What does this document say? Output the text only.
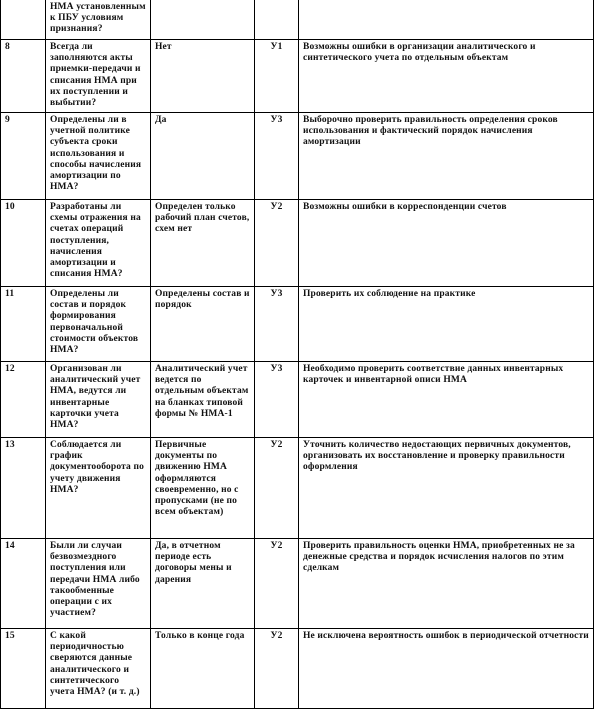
	НМА установленным к ПБУ условиям признания?			
8	Всегда ли заполняются акты приемки-передачи и списания НМА при их поступлении и выбытии?	Нет	У1	Возможны ошибки в организации аналитического и синтетического учета по отдельным объектам
9	Определены ли в учетной политике субъекта сроки использования и способы начисления амортизации по НМА?	Да	У3	Выборочно проверить правильность определения сроков использования и фактический порядок начисления амортизации
10	Разработаны ли схемы отражения на счетах операций поступления, начисления амортизации и списания НМА?	Определен только рабочий план счетов, схем нет	У2	Возможны ошибки в корреспонденции счетов
11	Определены ли состав и порядок формирования первоначальной стоимости объектов НМА?	Определены состав и порядок	У3	Проверить их соблюдение на практике
12	Организован ли аналитический учет НМА, ведутся ли инвентарные карточки учета НМА?	Аналитический учет ведется по отдельным объектам на бланках типовой формы № НМА-1	У3	Необходимо проверить соответствие данных инвентарных карточек и инвентарной описи НМА
13	Соблюдается ли график документооборота по учету движения НМА?	Первичные документы по движению НМА оформляются своевременно, но с пропусками (не по всем объектам)	У2	Уточнить количество недостающих первичных документов, организовать их восстановление и проверку правильности оформления
14	Были ли случаи безвозмездного поступления или передачи НМА либо такообменные операции с их участием?	Да, в отчетном периоде есть договоры мены и дарения	У2	Проверить правильность оценки НМА, приобретенных не за денежные средства и порядок исчисления налогов по этим сделкам
15	С какой периодичностью сверяются данные аналитического и синтетического учета НМА? (и т. д.)	Только в конце года	У2	Не исключена вероятность ошибок в периодической отчетности
